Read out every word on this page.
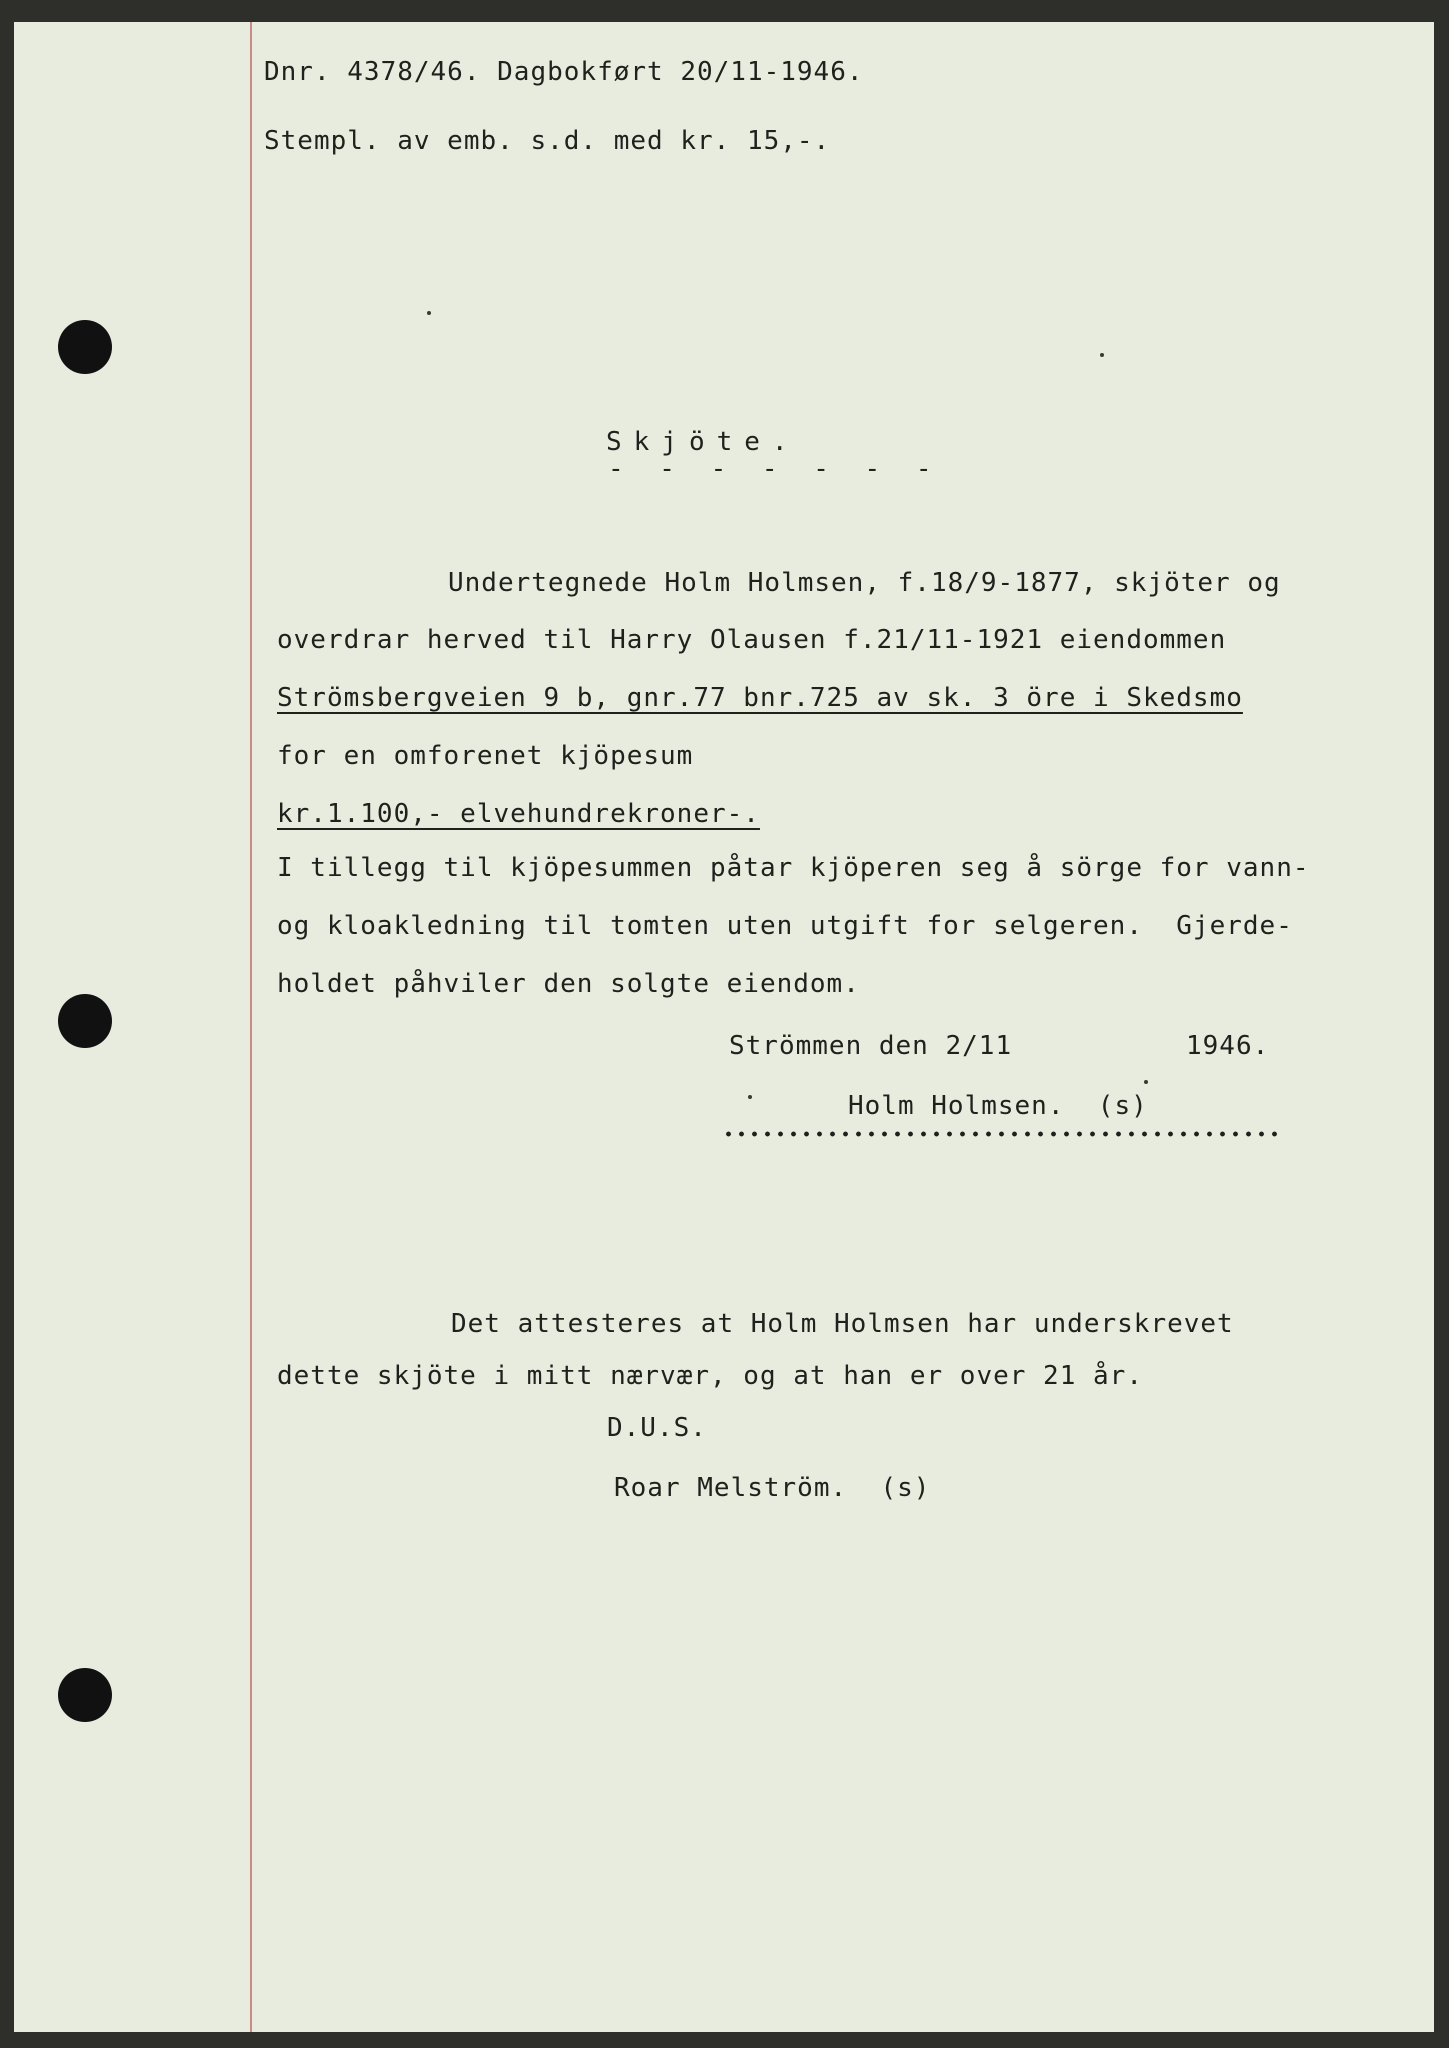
Dnr. 4378/46. Dagbokført 20/11-1946.
Stempl. av emb. s.d. med kr. 15,-.
Skjöte.
- - - - - - -
Undertegnede Holm Holmsen, f.18/9-1877, skjöter og
overdrar herved til Harry Olausen f.21/11-1921 eiendommen
Strömsbergveien 9 b, gnr.77 bnr.725 av sk. 3 öre i Skedsmo
for en omforenet kjöpesum
kr.1.100,- elvehundrekroner-.
I tillegg til kjöpesummen påtar kjöperen seg å sörge for vann-
og kloakledning til tomten uten utgift for selgeren.  Gjerde-
holdet påhviler den solgte eiendom.
Strömmen den 2/11	1946.
Holm Holmsen.  (s)
Det attesteres at Holm Holmsen har underskrevet
dette skjöte i mitt nærvær, og at han er over 21 år.
D.U.S.
Roar Melström.  (s)
